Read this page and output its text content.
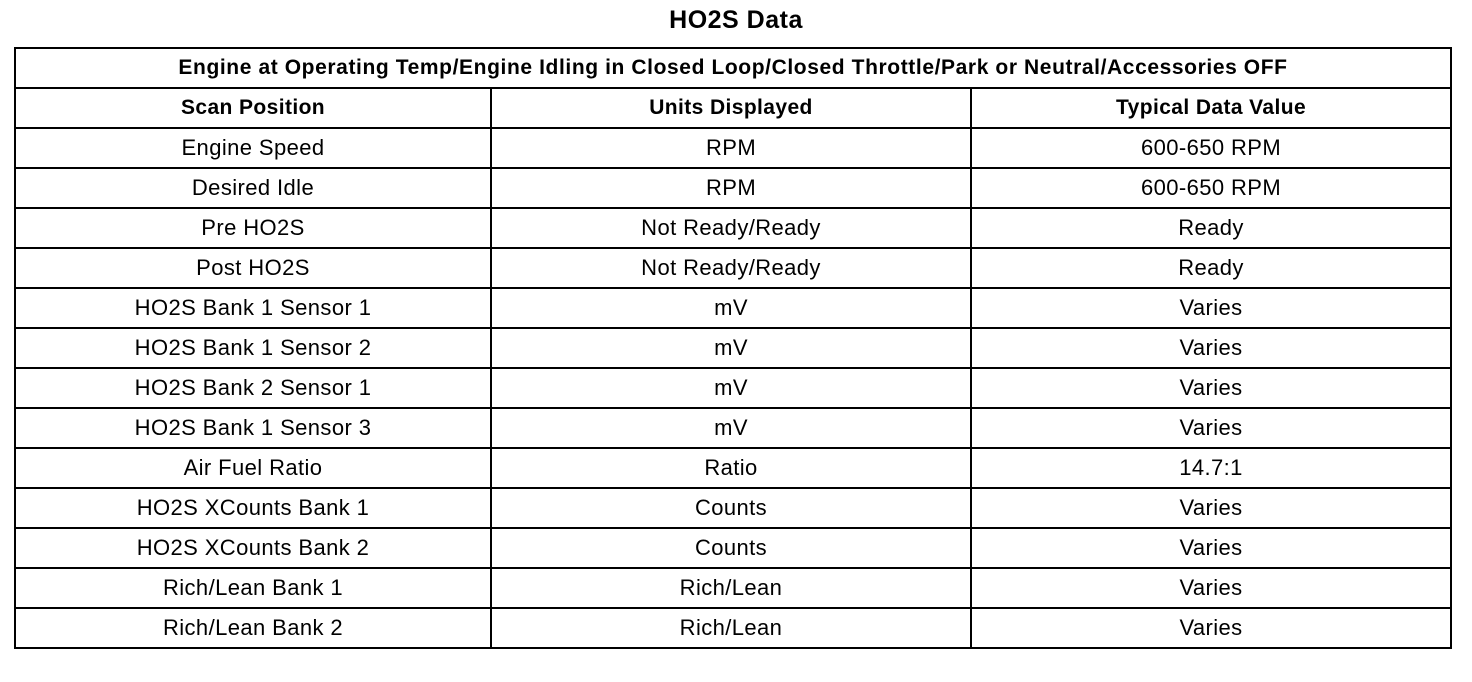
HO2S Data
Engine at Operating Temp/Engine Idling in Closed Loop/Closed Throttle/Park or Neutral/Accessories OFF		
Scan Position	Units Displayed	Typical Data Value
Engine Speed	RPM	600-650 RPM
Desired Idle	RPM	600-650 RPM
Pre HO2S	Not Ready/Ready	Ready
Post HO2S	Not Ready/Ready	Ready
HO2S Bank 1 Sensor 1	mV	Varies
HO2S Bank 1 Sensor 2	mV	Varies
HO2S Bank 2 Sensor 1	mV	Varies
HO2S Bank 1 Sensor 3	mV	Varies
Air Fuel Ratio	Ratio	14.7:1
HO2S XCounts Bank 1	Counts	Varies
HO2S XCounts Bank 2	Counts	Varies
Rich/Lean Bank 1	Rich/Lean	Varies
Rich/Lean Bank 2	Rich/Lean	Varies
